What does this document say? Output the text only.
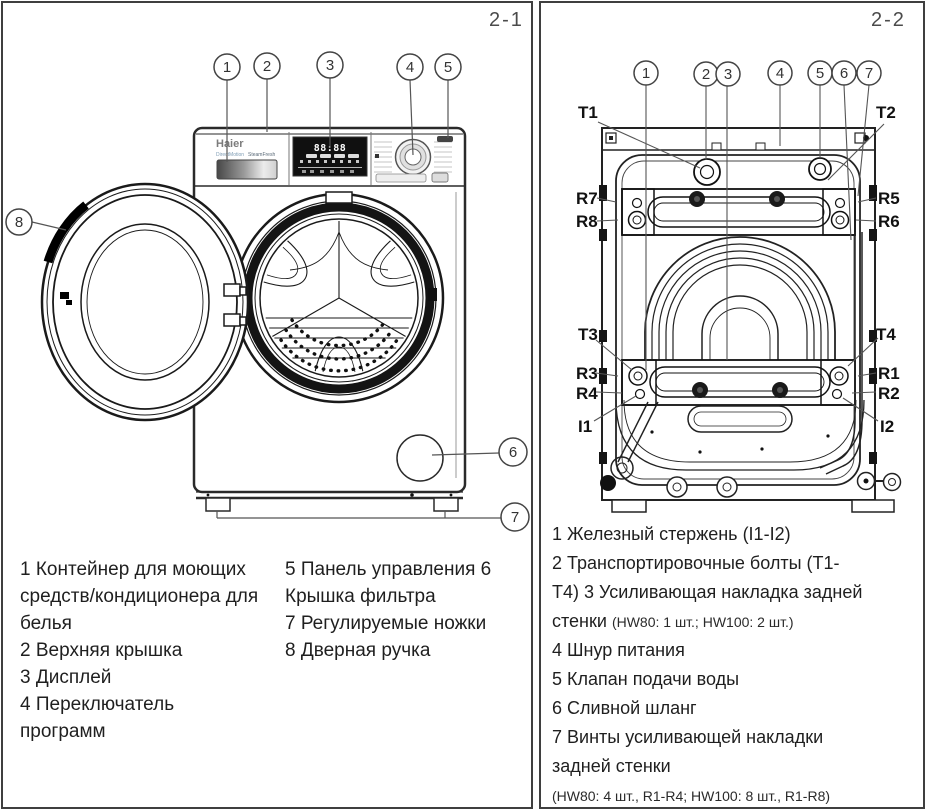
2-1	2-2
Haier
DirectMotion SteamFresh
88:88
1 2	3	4 5
6
7
8
T1	T2
R7
R8
R5
R6
T3	T4
R3
R4
R1
R2
I1	I2
1	2 3	4 5 6 7
1 Контейнер для моющих
средств/кондиционера для
белья
2 Верхняя крышка
3 Дисплей
4 Переключатель
программ
5 Панель управления 6
Крышка фильтра
7 Регулируемые ножки
8 Дверная ручка
1 Железный стержень (I1-I2)
2 Транспортировочные болты (T1-
T4) 3 Усиливающая накладка задней
стенки (HW80: 1 шт.; HW100: 2 шт.)
4 Шнур питания
5 Клапан подачи воды
6 Сливной шланг
7 Винты усиливающей накладки
задней стенки
(HW80: 4 шт., R1-R4; HW100: 8 шт., R1-R8)
